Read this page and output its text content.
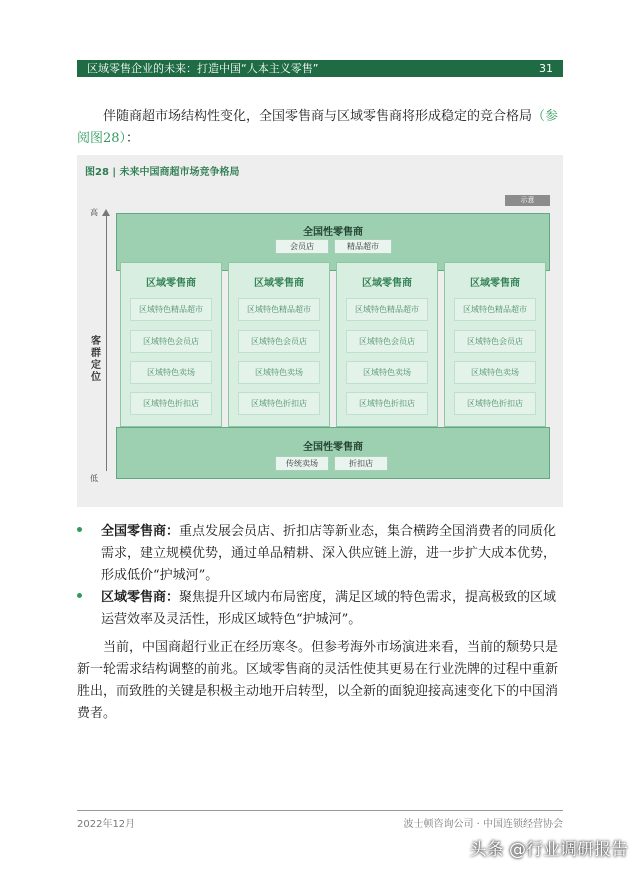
区域零售企业的未来：打造中国“人本主义零售”	31

伴随商超市场结构性变化，全国零售商与区域零售商将形成稳定的竞合格局（参阅图28）：

图28 | 未来中国商超市场竞争格局
示意
高
低
客群定位
全国性零售商
会员店	精品超市
全国性零售商
传统卖场	折扣店
区域零售商
区域特色精品超市
区域特色会员店
区域特色卖场
区域特色折扣店
区域零售商
区域特色精品超市
区域特色会员店
区域特色卖场
区域特色折扣店
区域零售商
区域特色精品超市
区域特色会员店
区域特色卖场
区域特色折扣店
区域零售商
区域特色精品超市
区域特色会员店
区域特色卖场
区域特色折扣店

全国零售商：重点发展会员店、折扣店等新业态，集合横跨全国消费者的同质化需求，建立规模优势，通过单品精耕、深入供应链上游，进一步扩大成本优势，形成低价“护城河”。

区域零售商：聚焦提升区域内布局密度，满足区域的特色需求，提高极致的区域运营效率及灵活性，形成区域特色“护城河”。

当前，中国商超行业正在经历寒冬。但参考海外市场演进来看，当前的颓势只是新一轮需求结构调整的前兆。区域零售商的灵活性使其更易在行业洗牌的过程中重新胜出，而致胜的关键是积极主动地开启转型，以全新的面貌迎接高速变化下的中国消费者。

2022年12月	波士顿咨询公司 · 中国连锁经营协会
头条 @行业调研报告
